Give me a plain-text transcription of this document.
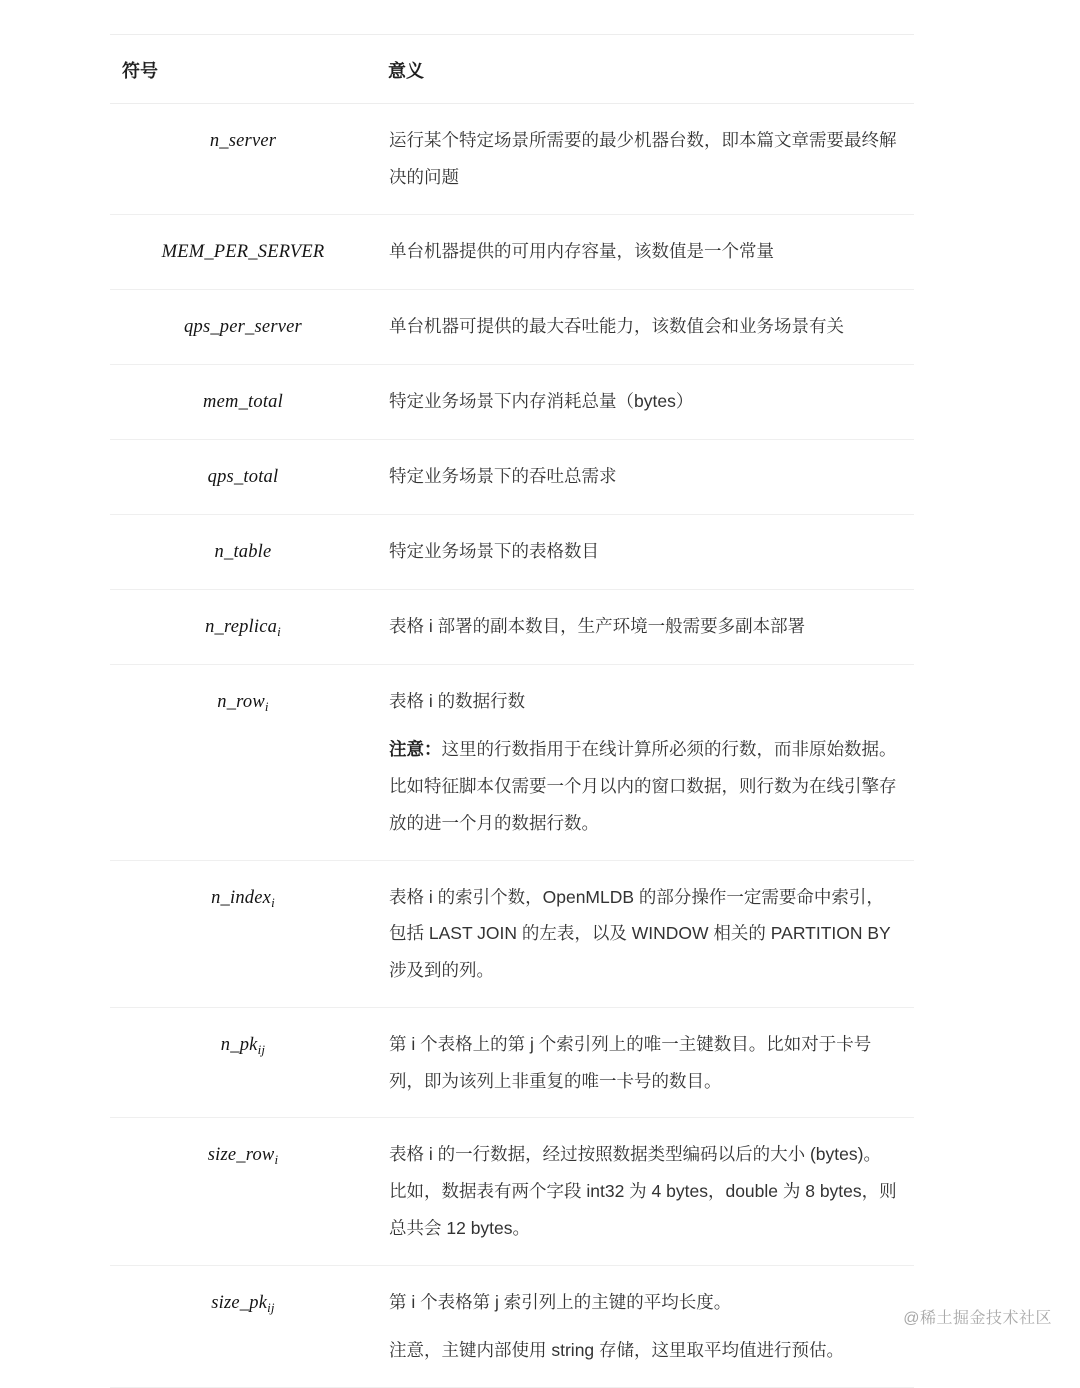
符号	意义
n_server	运行某个特定场景所需要的最少机器台数，即本篇文章需要最终解决的问题

MEM_PER_SERVER	单台机器提供的可用内存容量，该数值是一个常量

qps_per_server	单台机器可提供的最大吞吐能力，该数值会和业务场景有关

mem_total	特定业务场景下内存消耗总量（bytes）

qps_total	特定业务场景下的吞吐总需求

n_table	特定业务场景下的表格数目

n_replica$_i$	表格 i 部署的副本数目，生产环境一般需要多副本部署

n_row$_i$	表格 i 的数据行数

注意：这里的行数指用于在线计算所必须的行数，而非原始数据。比如特征脚本仅需要一个月以内的窗口数据，则行数为在线引擎存放的进一个月的数据行数。

n_index$_i$	表格 i 的索引个数，OpenMLDB 的部分操作一定需要命中索引，包括 LAST JOIN 的左表，以及 WINDOW 相关的 PARTITION BY 涉及到的列。

$n\_pk_{ij}$	第 i 个表格上的第 j 个索引列上的唯一主键数目。比如对于卡号列，即为该列上非重复的唯一卡号的数目。

size_row$_i$	表格 i 的一行数据，经过按照数据类型编码以后的大小 (bytes)。比如，数据表有两个字段 int32 为 4 bytes，double 为 8 bytes，则总共会 12 bytes。

$size\_pk_{ij}$	第 i 个表格第 j 索引列上的主键的平均长度。

注意，主键内部使用 string 存储，这里取平均值进行预估。

@稀土掘金技术社区
